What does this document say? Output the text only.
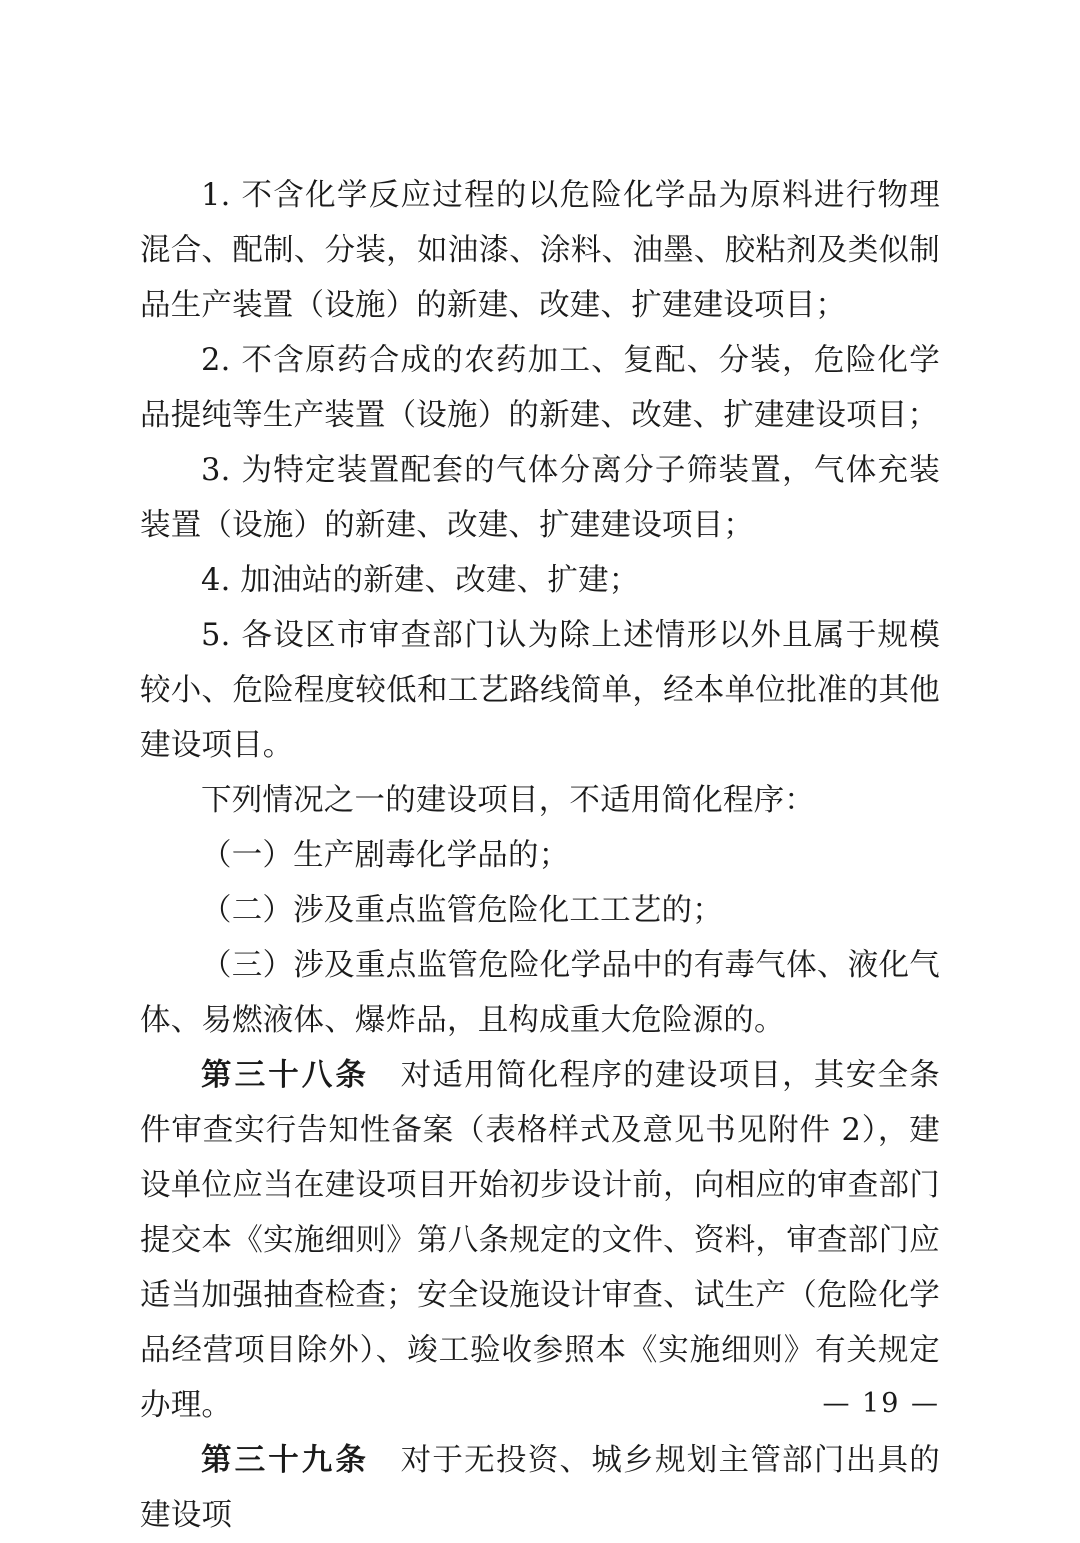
1. 不含化学反应过程的以危险化学品为原料进行物理混合、配制、分装，如油漆、涂料、油墨、胶粘剂及类似制品生产装置（设施）的新建、改建、扩建建设项目；

2. 不含原药合成的农药加工、复配、分装，危险化学品提纯等生产装置（设施）的新建、改建、扩建建设项目；

3. 为特定装置配套的气体分离分子筛装置，气体充装装置（设施）的新建、改建、扩建建设项目；

4. 加油站的新建、改建、扩建；

5. 各设区市审查部门认为除上述情形以外且属于规模较小、危险程度较低和工艺路线简单，经本单位批准的其他建设项目。

下列情况之一的建设项目，不适用简化程序：

（一）生产剧毒化学品的；

（二）涉及重点监管危险化工工艺的；

（三）涉及重点监管危险化学品中的有毒气体、液化气体、易燃液体、爆炸品，且构成重大危险源的。

第三十八条 对适用简化程序的建设项目，其安全条件审查实行告知性备案（表格样式及意见书见附件 2），建设单位应当在建设项目开始初步设计前，向相应的审查部门提交本《实施细则》第八条规定的文件、资料，审查部门应适当加强抽查检查；安全设施设计审查、试生产（危险化学品经营项目除外）、竣工验收参照本《实施细则》有关规定办理。

第三十九条 对于无投资、城乡规划主管部门出具的建设项

— 19 —
